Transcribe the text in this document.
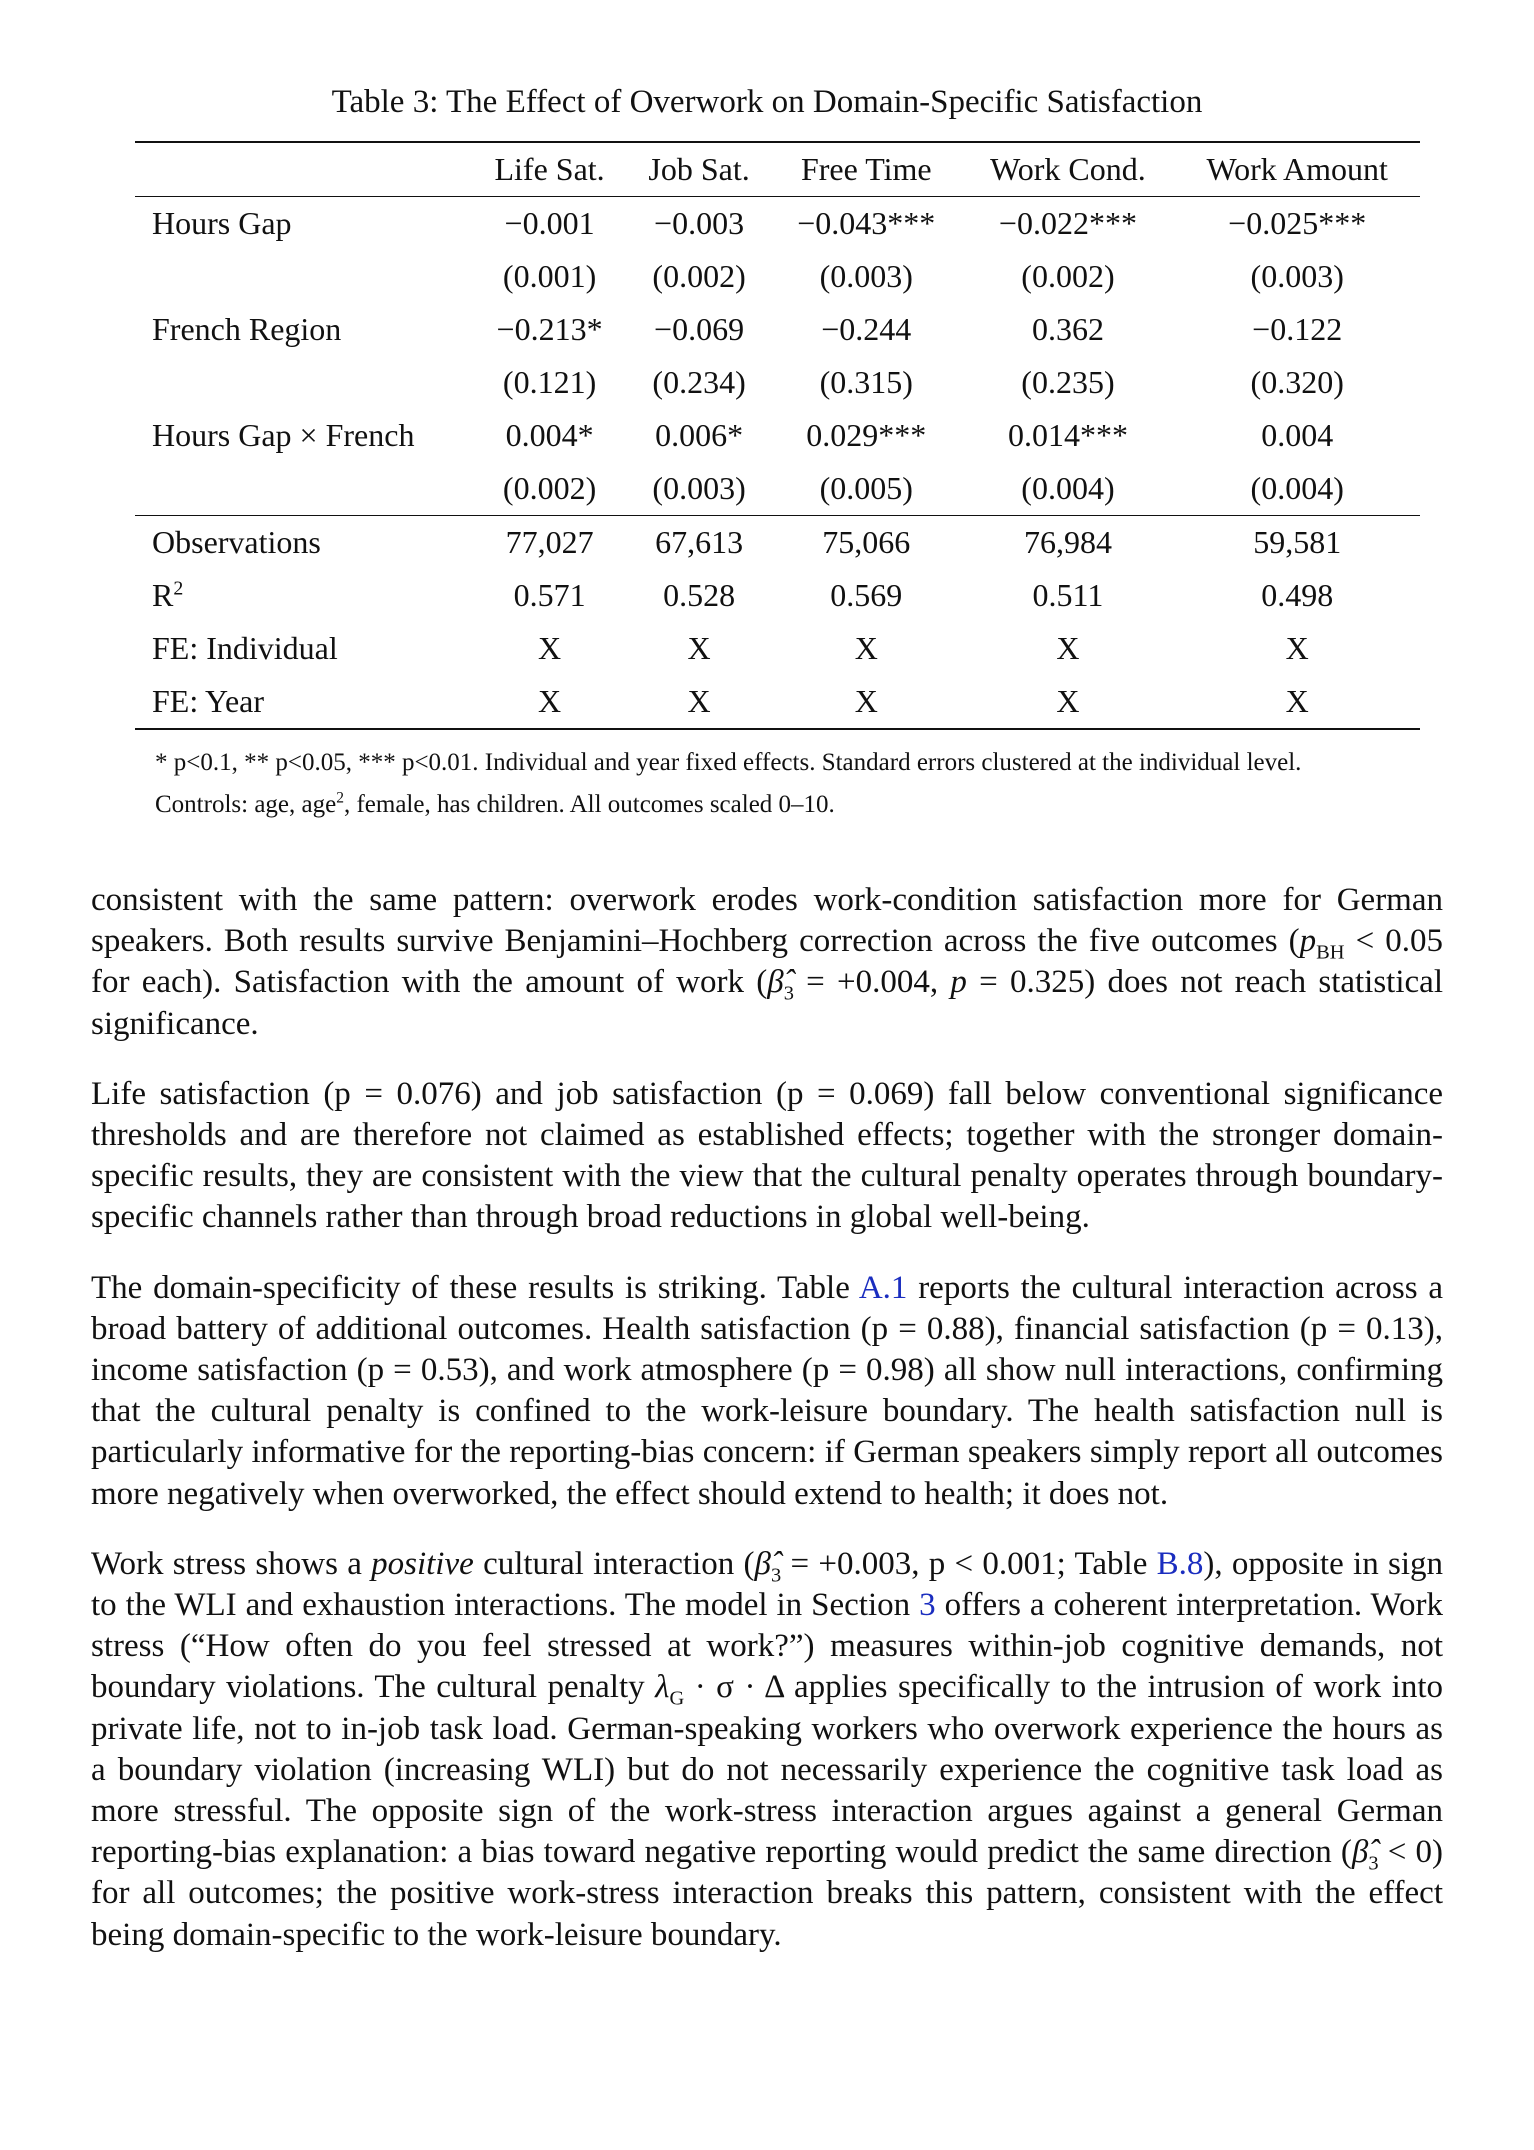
Table 3: The Effect of Overwork on Domain-Specific Satisfaction
	Life Sat.	Job Sat.	Free Time	Work Cond.	Work Amount
Hours Gap	−0.001	−0.003	−0.043***	−0.022***	−0.025***
	(0.001)	(0.002)	(0.003)	(0.002)	(0.003)
French Region	−0.213*	−0.069	−0.244	0.362	−0.122
	(0.121)	(0.234)	(0.315)	(0.235)	(0.320)
Hours Gap × French	0.004*	0.006*	0.029***	0.014***	0.004
	(0.002)	(0.003)	(0.005)	(0.004)	(0.004)
Observations	77,027	67,613	75,066	76,984	59,581
$R^2$	0.571	0.528	0.569	0.511	0.498
FE: Individual	X	X	X	X	X
FE: Year	X	X	X	X	X
* p<0.1, ** p<0.05, *** p<0.01. Individual and year fixed effects. Standard errors clustered at the individual level.
Controls: age, age$^2$, female, has children. All outcomes scaled 0–10.

consistent with the same pattern: overwork erodes work-condition satisfaction more for German speakers. Both results survive Benjamini–Hochberg correction across the five outcomes ($p_{BH} < 0.05$ for each). Satisfaction with the amount of work ($\betâ_3 = +0.004$, p = 0.325) does not reach statistical significance.

Life satisfaction (p = 0.076) and job satisfaction (p = 0.069) fall below conventional significance thresholds and are therefore not claimed as established effects; together with the stronger domain-specific results, they are consistent with the view that the cultural penalty operates through boundary-specific channels rather than through broad reductions in global well-being.

The domain-specificity of these results is striking. Table A.1 reports the cultural interaction across a broad battery of additional outcomes. Health satisfaction (p = 0.88), financial satisfaction (p = 0.13), income satisfaction (p = 0.53), and work atmosphere (p = 0.98) all show null interactions, confirming that the cultural penalty is confined to the work-leisure boundary. The health satisfaction null is particularly informative for the reporting-bias concern: if German speakers simply report all outcomes more negatively when overworked, the effect should extend to health; it does not.

Work stress shows a positive cultural interaction ($\betâ_3 = +0.003$, p < 0.001; Table B.8), opposite in sign to the WLI and exhaustion interactions. The model in Section 3 offers a coherent interpretation. Work stress (“How often do you feel stressed at work?”) measures within-job cognitive demands, not boundary violations. The cultural penalty $\lambda_G \cdot \sigma \cdot \Delta$ applies specifically to the intrusion of work into private life, not to in-job task load. German-speaking workers who overwork experience the hours as a boundary violation (increasing WLI) but do not necessarily experience the cognitive task load as more stressful. The opposite sign of the work-stress interaction argues against a general German reporting-bias explanation: a bias toward negative reporting would predict the same direction $(\betâ_3 < 0)$ for all outcomes; the positive work-stress interaction breaks this pattern, consistent with the effect being domain-specific to the work-leisure boundary.
